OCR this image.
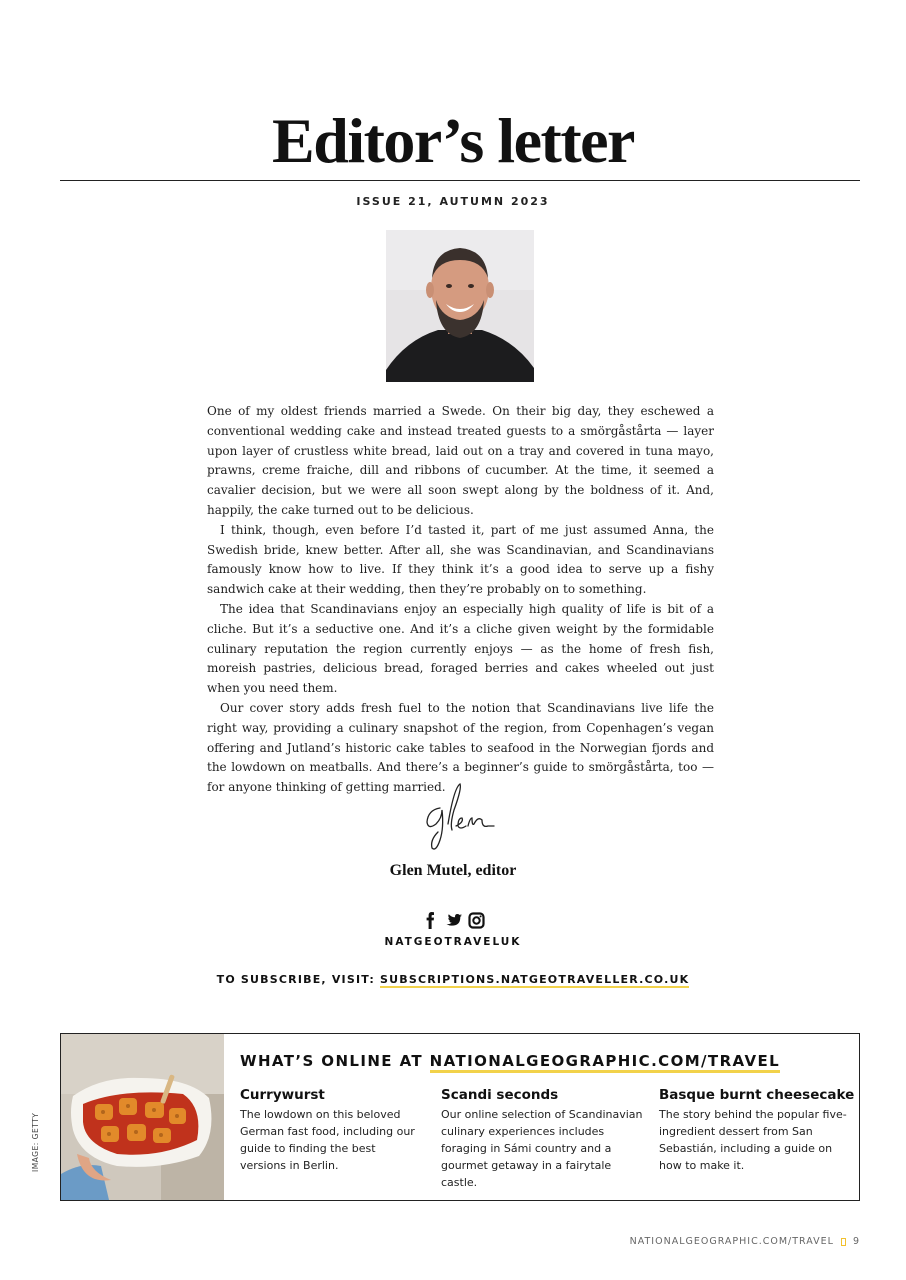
Editor’s letter
ISSUE 21, AUTUMN 2023

One of my oldest friends married a Swede. On their big day, they eschewed a conventional wedding cake and instead treated guests to a smörgåstårta — layer upon layer of crustless white bread, laid out on a tray and covered in tuna mayo, prawns, creme fraiche, dill and ribbons of cucumber. At the time, it seemed a cavalier decision, but we were all soon swept along by the boldness of it. And, happily, the cake turned out to be delicious.

I think, though, even before I’d tasted it, part of me just assumed Anna, the Swedish bride, knew better. After all, she was Scandinavian, and Scandinavians famously know how to live. If they think it’s a good idea to serve up a fishy sandwich cake at their wedding, then they’re probably on to something.

The idea that Scandinavians enjoy an especially high quality of life is bit of a cliche. But it’s a seductive one. And it’s a cliche given weight by the formidable culinary reputation the region currently enjoys — as the home of fresh fish, moreish pastries, delicious bread, foraged berries and cakes wheeled out just when you need them.

Our cover story adds fresh fuel to the notion that Scandinavians live life the right way, providing a culinary snapshot of the region, from Copenhagen’s vegan offering and Jutland’s historic cake tables to seafood in the Norwegian fjords and the lowdown on meatballs. And there’s a beginner’s guide to smörgåstårta, too — for anyone thinking of getting married.

Glen Mutel, editor
NATGEOTRAVELUK
TO SUBSCRIBE, VISIT: SUBSCRIPTIONS.NATGEOTRAVELLER.CO.UK
WHAT’S ONLINE AT NATIONALGEOGRAPHIC.COM/TRAVEL
Currywurst
The lowdown on this beloved German fast food, including our guide to finding the best versions in Berlin.
Scandi seconds
Our online selection of Scandinavian culinary experiences includes foraging in Sámi country and a gourmet getaway in a fairytale castle.
Basque burnt cheesecake
The story behind the popular five-ingredient dessert from San Sebastián, including a guide on how to make it.
IMAGE: GETTY
NATIONALGEOGRAPHIC.COM/TRAVEL 9
